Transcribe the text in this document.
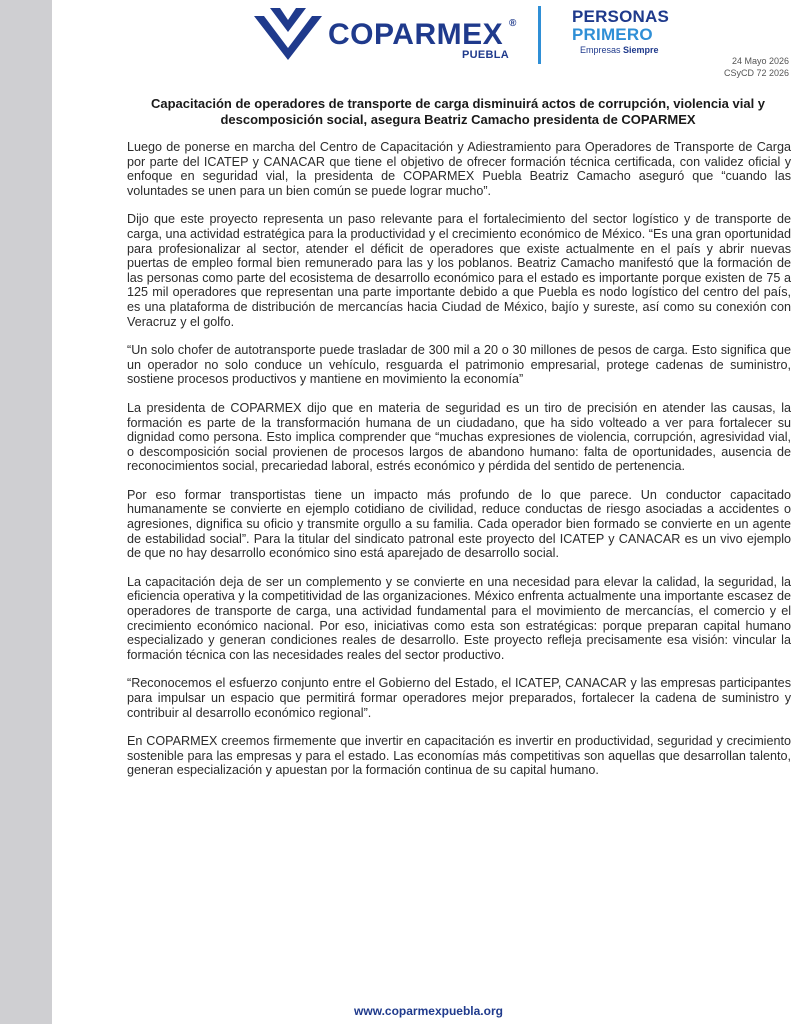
COPARMEX ®
PUEBLA
PERSONAS
PRIMERO
Empresas Siempre
24 Mayo 2026
CSyCD 72 2026
Capacitación de operadores de transporte de carga disminuirá actos de corrupción, violencia vial y descomposición social, asegura Beatriz Camacho presidenta de COPARMEX

Luego de ponerse en marcha del Centro de Capacitación y Adiestramiento para Operadores de Transporte de Carga por parte del ICATEP y CANACAR que tiene el objetivo de ofrecer formación técnica certificada, con validez oficial y enfoque en seguridad vial, la presidenta de COPARMEX Puebla Beatriz Camacho aseguró que “cuando las voluntades se unen para un bien común se puede lograr mucho”.

Dijo que este proyecto representa un paso relevante para el fortalecimiento del sector logístico y de transporte de carga, una actividad estratégica para la productividad y el crecimiento económico de México. “Es una gran oportunidad para profesionalizar al sector, atender el déficit de operadores que existe actualmente en el país y abrir nuevas puertas de empleo formal bien remunerado para las y los poblanos. Beatriz Camacho manifestó que la formación de las personas como parte del ecosistema de desarrollo económico para el estado es importante porque existen de 75 a 125 mil operadores que representan una parte importante debido a que Puebla es nodo logístico del centro del país, es una plataforma de distribución de mercancías hacia Ciudad de México, bajío y sureste, así como su conexión con Veracruz y el golfo.

“Un solo chofer de autotransporte puede trasladar de 300 mil a 20 o 30 millones de pesos de carga. Esto significa que un operador no solo conduce un vehículo, resguarda el patrimonio empresarial, protege cadenas de suministro, sostiene procesos productivos y mantiene en movimiento la economía”

La presidenta de COPARMEX dijo que en materia de seguridad es un tiro de precisión en atender las causas, la formación es parte de la transformación humana de un ciudadano, que ha sido volteado a ver para fortalecer su dignidad como persona. Esto implica comprender que “muchas expresiones de violencia, corrupción, agresividad vial, o descomposición social provienen de procesos largos de abandono humano: falta de oportunidades, ausencia de reconocimientos social, precariedad laboral, estrés económico y pérdida del sentido de pertenencia.

Por eso formar transportistas tiene un impacto más profundo de lo que parece. Un conductor capacitado humanamente se convierte en ejemplo cotidiano de civilidad, reduce conductas de riesgo asociadas a accidentes o agresiones, dignifica su oficio y transmite orgullo a su familia. Cada operador bien formado se convierte en un agente de estabilidad social”. Para la titular del sindicato patronal este proyecto del ICATEP y CANACAR es un vivo ejemplo de que no hay desarrollo económico sino está aparejado de desarrollo social.

La capacitación deja de ser un complemento y se convierte en una necesidad para elevar la calidad, la seguridad, la eficiencia operativa y la competitividad de las organizaciones. México enfrenta actualmente una importante escasez de operadores de transporte de carga, una actividad fundamental para el movimiento de mercancías, el comercio y el crecimiento económico nacional. Por eso, iniciativas como esta son estratégicas: porque preparan capital humano especializado y generan condiciones reales de desarrollo. Este proyecto refleja precisamente esa visión: vincular la formación técnica con las necesidades reales del sector productivo.

“Reconocemos el esfuerzo conjunto entre el Gobierno del Estado, el ICATEP, CANACAR y las empresas participantes para impulsar un espacio que permitirá formar operadores mejor preparados, fortalecer la cadena de suministro y contribuir al desarrollo económico regional”.

En COPARMEX creemos firmemente que invertir en capacitación es invertir en productividad, seguridad y crecimiento sostenible para las empresas y para el estado. Las economías más competitivas son aquellas que desarrollan talento, generan especialización y apuestan por la formación continua de su capital humano.

www.coparmexpuebla.org
